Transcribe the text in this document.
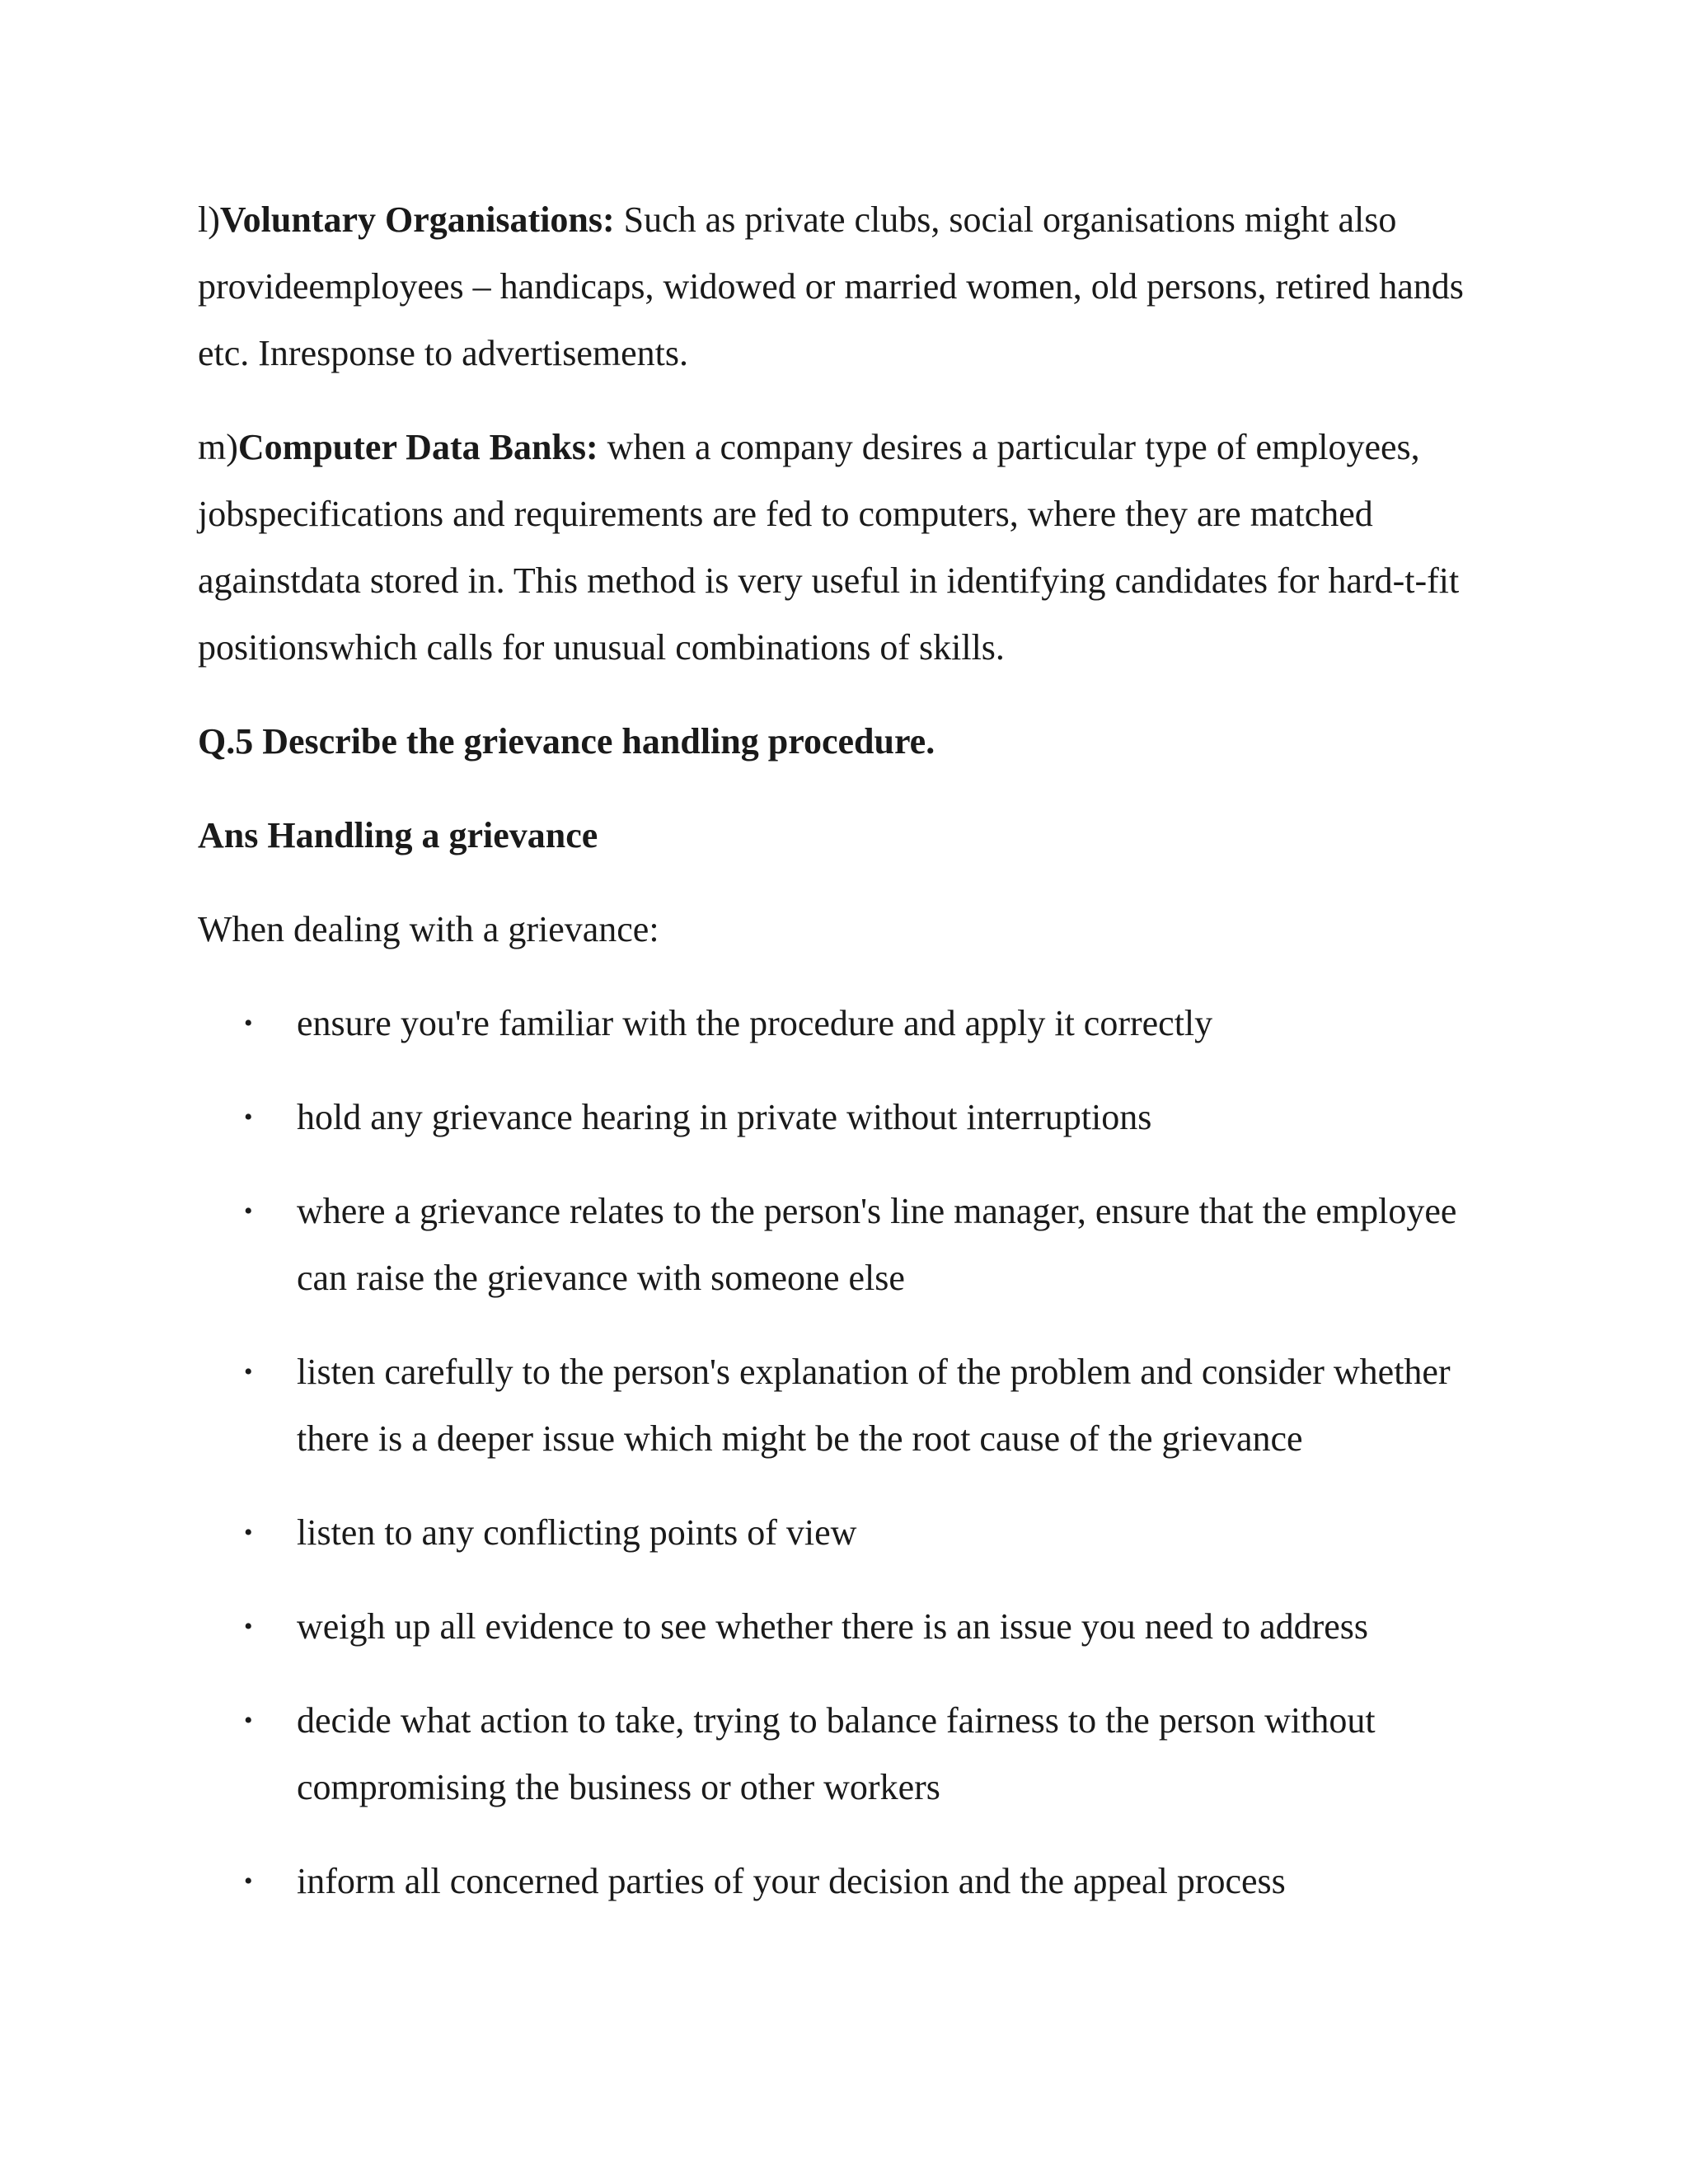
l)Voluntary Organisations: Such as private clubs, social organisations might also provideemployees – handicaps, widowed or married women, old persons, retired hands etc. Inresponse to advertisements.

m)Computer Data Banks: when a company desires a particular type of employees, jobspecifications and requirements are fed to computers, where they are matched againstdata stored in. This method is very useful in identifying candidates for hard-t-fit positionswhich calls for unusual combinations of skills.

Q.5 Describe the grievance handling procedure.

Ans Handling a grievance

When dealing with a grievance:

• ensure you're familiar with the procedure and apply it correctly
• hold any grievance hearing in private without interruptions
• where a grievance relates to the person's line manager, ensure that the employee can raise the grievance with someone else
• listen carefully to the person's explanation of the problem and consider whether there is a deeper issue which might be the root cause of the grievance
• listen to any conflicting points of view
• weigh up all evidence to see whether there is an issue you need to address
• decide what action to take, trying to balance fairness to the person without compromising the business or other workers
• inform all concerned parties of your decision and the appeal process
